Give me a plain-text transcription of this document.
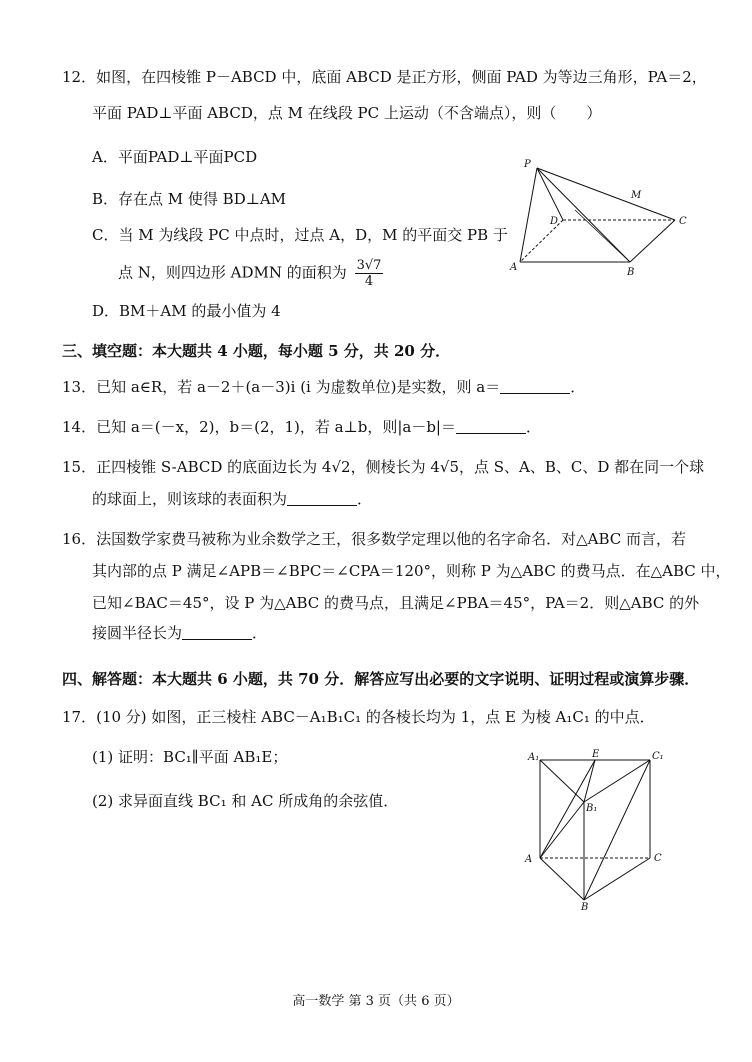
12．如图，在四棱锥 P－ABCD 中，底面 ABCD 是正方形，侧面 PAD 为等边三角形，PA＝2，
平面 PAD⊥平面 ABCD，点 M 在线段 PC 上运动（不含端点），则（　　）
A．平面PAD⊥平面PCD
B．存在点 M 使得 BD⊥AM
C．当 M 为线段 PC 中点时，过点 A，D，M 的平面交 PB 于
点 N，则四边形 ADMN 的面积为 $\frac{3√7}{4}$
D．BM＋AM 的最小值为 4
P
M
D	C
A	B
三、填空题：本大题共 4 小题，每小题 5 分，共 20 分．
13．已知 a∈R，若 a－2＋(a－3)i (i 为虚数单位)是实数，则 a＝	．
14．已知 a＝(－x，2)，b＝(2，1)，若 a⊥b，则|a－b|＝	．
15．正四棱锥 S-ABCD 的底面边长为 4√2，侧棱长为 4√5，点 S、A、B、C、D 都在同一个球
的球面上，则该球的表面积为	．
16．法国数学家费马被称为业余数学之王，很多数学定理以他的名字命名．对△ABC 而言，若
其内部的点 P 满足∠APB＝∠BPC＝∠CPA＝120°，则称 P 为△ABC 的费马点．在△ABC 中，
已知∠BAC＝45°，设 P 为△ABC 的费马点，且满足∠PBA＝45°，PA＝2．则△ABC 的外
接圆半径长为	．
四、解答题：本大题共 6 小题，共 70 分．解答应写出必要的文字说明、证明过程或演算步骤．
17．(10 分) 如图，正三棱柱 ABC－A₁B₁C₁ 的各棱长均为 1，点 E 为棱 A₁C₁ 的中点．
(1) 证明：BC₁∥平面 AB₁E；
(2) 求异面直线 BC₁ 和 AC 所成角的余弦值．
A₁	E	C₁
B₁
A	C
B
高一数学 第 3 页（共 6 页）
